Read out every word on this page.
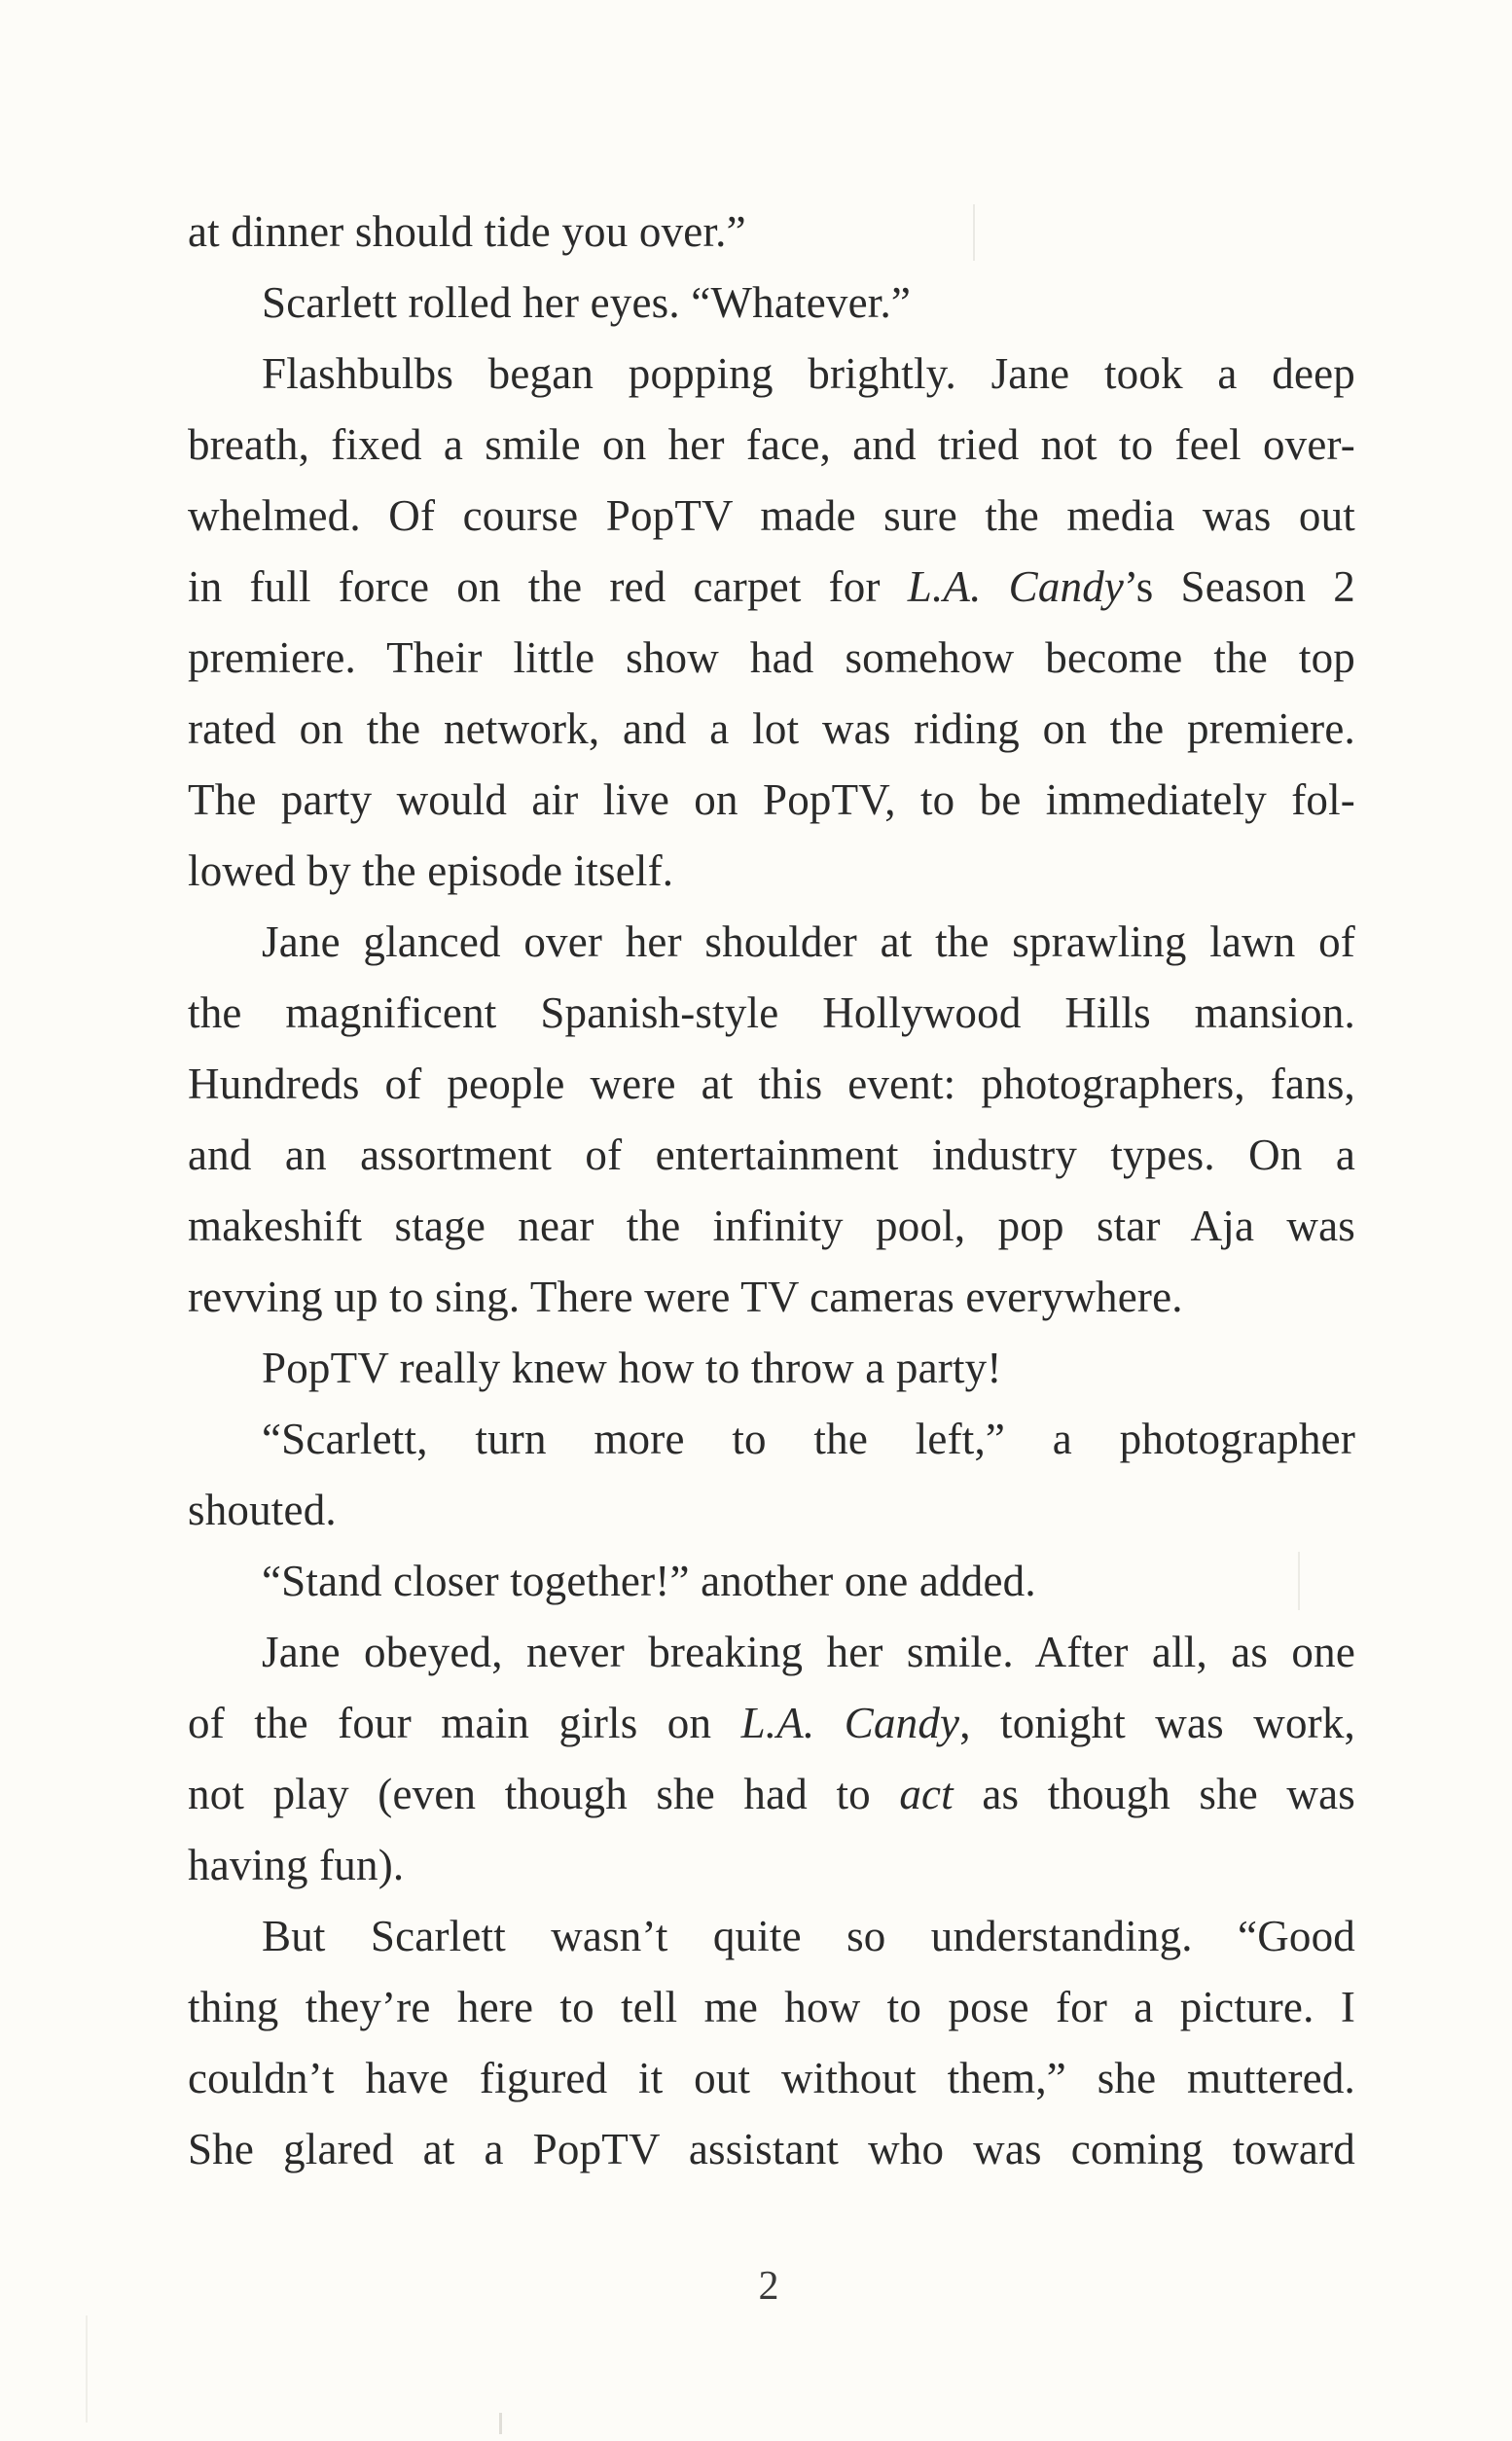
at dinner should tide you over.”
Scarlett rolled her eyes. “Whatever.”
Flashbulbs began popping brightly. Jane took a deep
breath, fixed a smile on her face, and tried not to feel over-
whelmed. Of course PopTV made sure the media was out
in full force on the red carpet for L.A. Candy’s Season 2
premiere. Their little show had somehow become the top
rated on the network, and a lot was riding on the premiere.
The party would air live on PopTV, to be immediately fol-
lowed by the episode itself.
Jane glanced over her shoulder at the sprawling lawn of
the magnificent Spanish-style Hollywood Hills mansion.
Hundreds of people were at this event: photographers, fans,
and an assortment of entertainment industry types. On a
makeshift stage near the infinity pool, pop star Aja was
revving up to sing. There were TV cameras everywhere.
PopTV really knew how to throw a party!
“Scarlett, turn more to the left,” a photographer
shouted.
“Stand closer together!” another one added.
Jane obeyed, never breaking her smile. After all, as one
of the four main girls on L.A. Candy, tonight was work,
not play (even though she had to act as though she was
having fun).
But Scarlett wasn’t quite so understanding. “Good
thing they’re here to tell me how to pose for a picture. I
couldn’t have figured it out without them,” she muttered.
She glared at a PopTV assistant who was coming toward
2
